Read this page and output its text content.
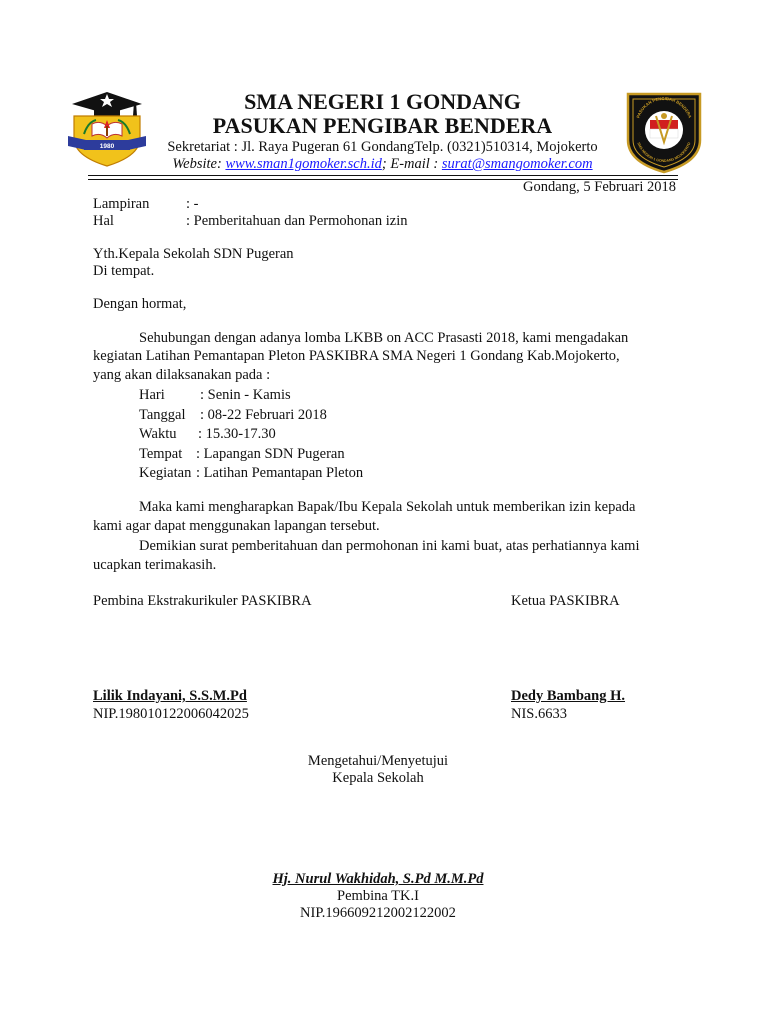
1980
SMA NEGERI 1 GONDANG
PASUKAN PENGIBAR BENDERA
Sekretariat : Jl. Raya Pugeran 61 GondangTelp. (0321)510314, Mojokerto
Website: www.sman1gomoker.sch.id; E-mail : surat@smangomoker.com
PASUKAN PENGIBAR BENDERA
SMA NEGERI 1 GONDANG MOJOKERTO
Gondang, 5 Februari 2018
Lampiran	: -
Hal	: Pemberitahuan dan Permohonan izin
Yth.Kepala Sekolah SDN Pugeran
Di tempat.
Dengan hormat,
Sehubungan dengan adanya lomba LKBB on ACC Prasasti 2018, kami mengadakan
kegiatan Latihan Pemantapan Pleton PASKIBRA SMA Negeri 1 Gondang Kab.Mojokerto,
yang akan dilaksanakan pada :
Hari : Senin - Kamis
Tanggal : 08-22 Februari 2018
Waktu : 15.30-17.30
Tempat : Lapangan SDN Pugeran
Kegiatan : Latihan Pemantapan Pleton
Maka kami mengharapkan Bapak/Ibu Kepala Sekolah untuk memberikan izin kepada
kami agar dapat menggunakan lapangan tersebut.
Demikian surat pemberitahuan dan permohonan ini kami buat, atas perhatiannya kami
ucapkan terimakasih.
Pembina Ekstrakurikuler PASKIBRA	Ketua PASKIBRA
Lilik Indayani, S.S.M.Pd	Dedy Bambang H.
NIP.198010122006042025	NIS.6633
Mengetahui/Menyetujui
Kepala Sekolah
Hj. Nurul Wakhidah, S.Pd M.M.Pd
Pembina TK.I
NIP.196609212002122002
